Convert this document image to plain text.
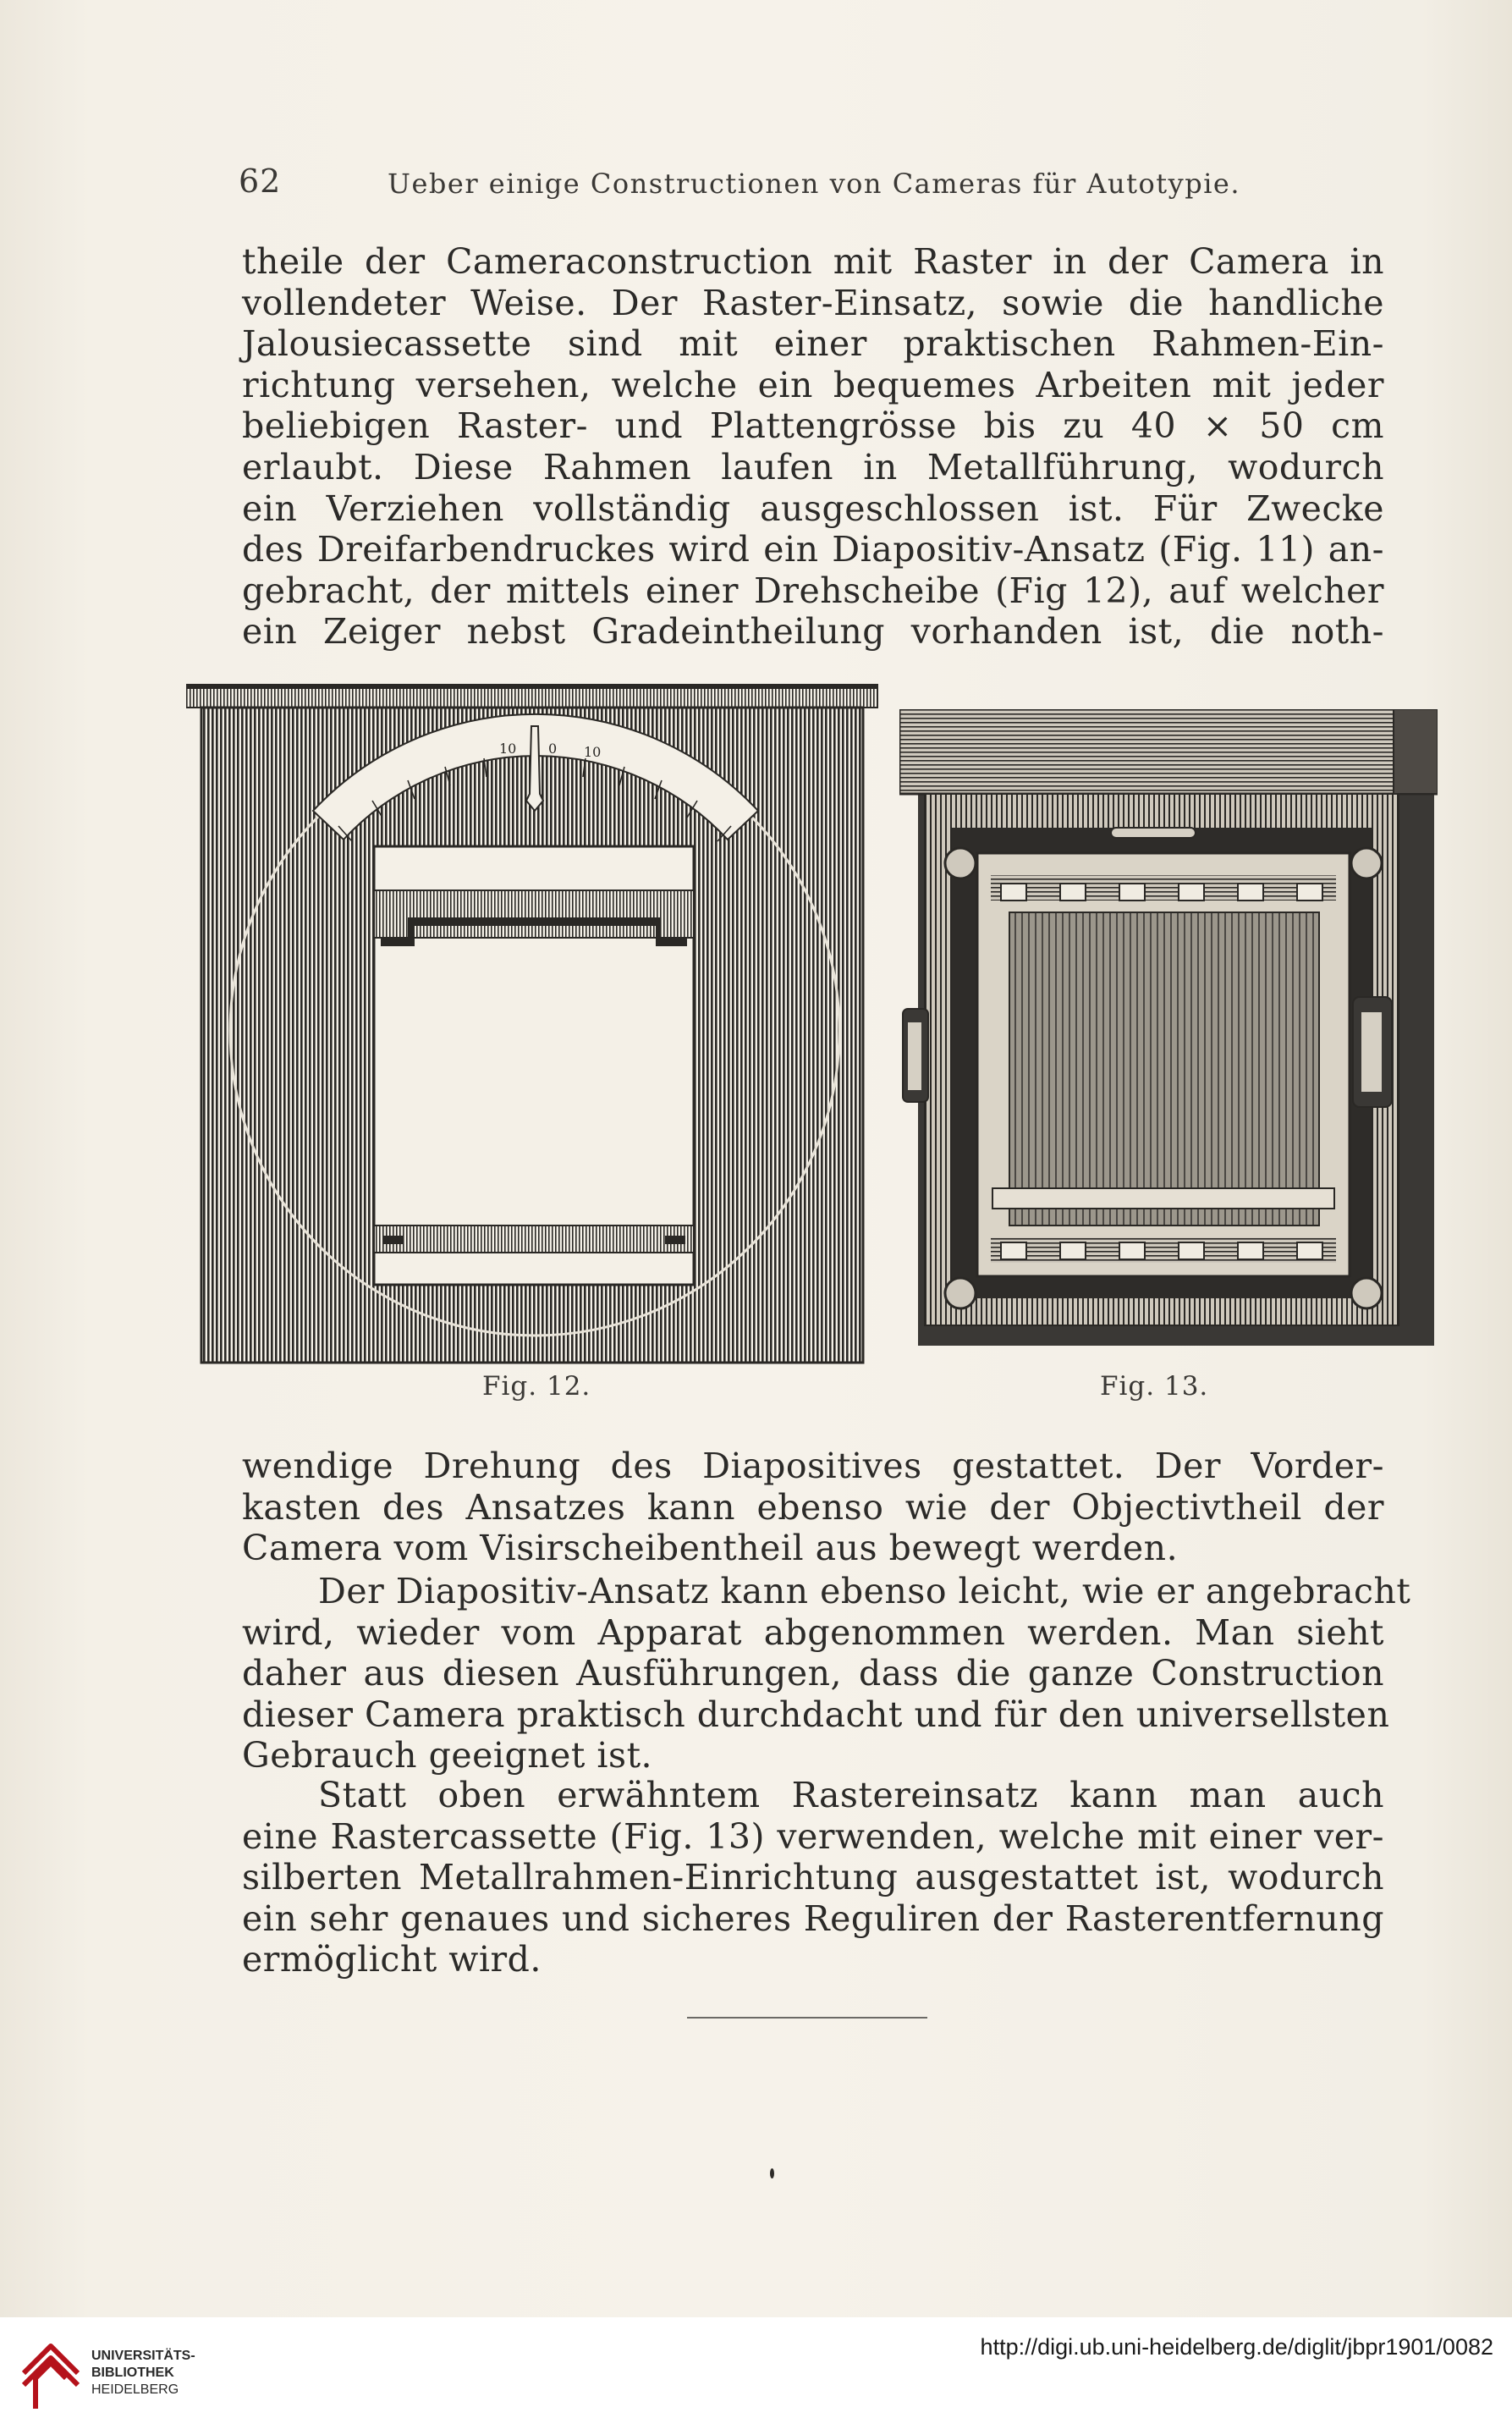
62	Ueber einige Constructionen von Cameras für Autotypie.
theile der Cameraconstruction mit Raster in der Camera in
vollendeter Weise. Der Raster-Einsatz, sowie die handliche
Jalousiecassette sind mit einer praktischen Rahmen-Ein-
richtung versehen, welche ein bequemes Arbeiten mit jeder
beliebigen Raster- und Plattengrösse bis zu 40 × 50 cm
erlaubt. Diese Rahmen laufen in Metallführung, wodurch
ein Verziehen vollständig ausgeschlossen ist. Für Zwecke
des Dreifarbendruckes wird ein Diapositiv-Ansatz (Fig. 11) an-
gebracht, der mittels einer Drehscheibe (Fig 12), auf welcher
ein Zeiger nebst Gradeintheilung vorhanden ist, die noth-
10 0 10
Fig. 12.	Fig. 13.
wendige Drehung des Diapositives gestattet. Der Vorder-
kasten des Ansatzes kann ebenso wie der Objectivtheil der
Camera vom Visirscheibentheil aus bewegt werden.
Der Diapositiv-Ansatz kann ebenso leicht, wie er angebracht
wird, wieder vom Apparat abgenommen werden. Man sieht
daher aus diesen Ausführungen, dass die ganze Construction
dieser Camera praktisch durchdacht und für den universellsten
Gebrauch geeignet ist.
Statt oben erwähntem Rastereinsatz kann man auch
eine Rastercassette (Fig. 13) verwenden, welche mit einer ver-
silberten Metallrahmen-Einrichtung ausgestattet ist, wodurch
ein sehr genaues und sicheres Reguliren der Rasterentfernung
ermöglicht wird.
UNIVERSITÄTS-
BIBLIOTHEK
HEIDELBERG
http://digi.ub.uni-heidelberg.de/diglit/jbpr1901/0082
